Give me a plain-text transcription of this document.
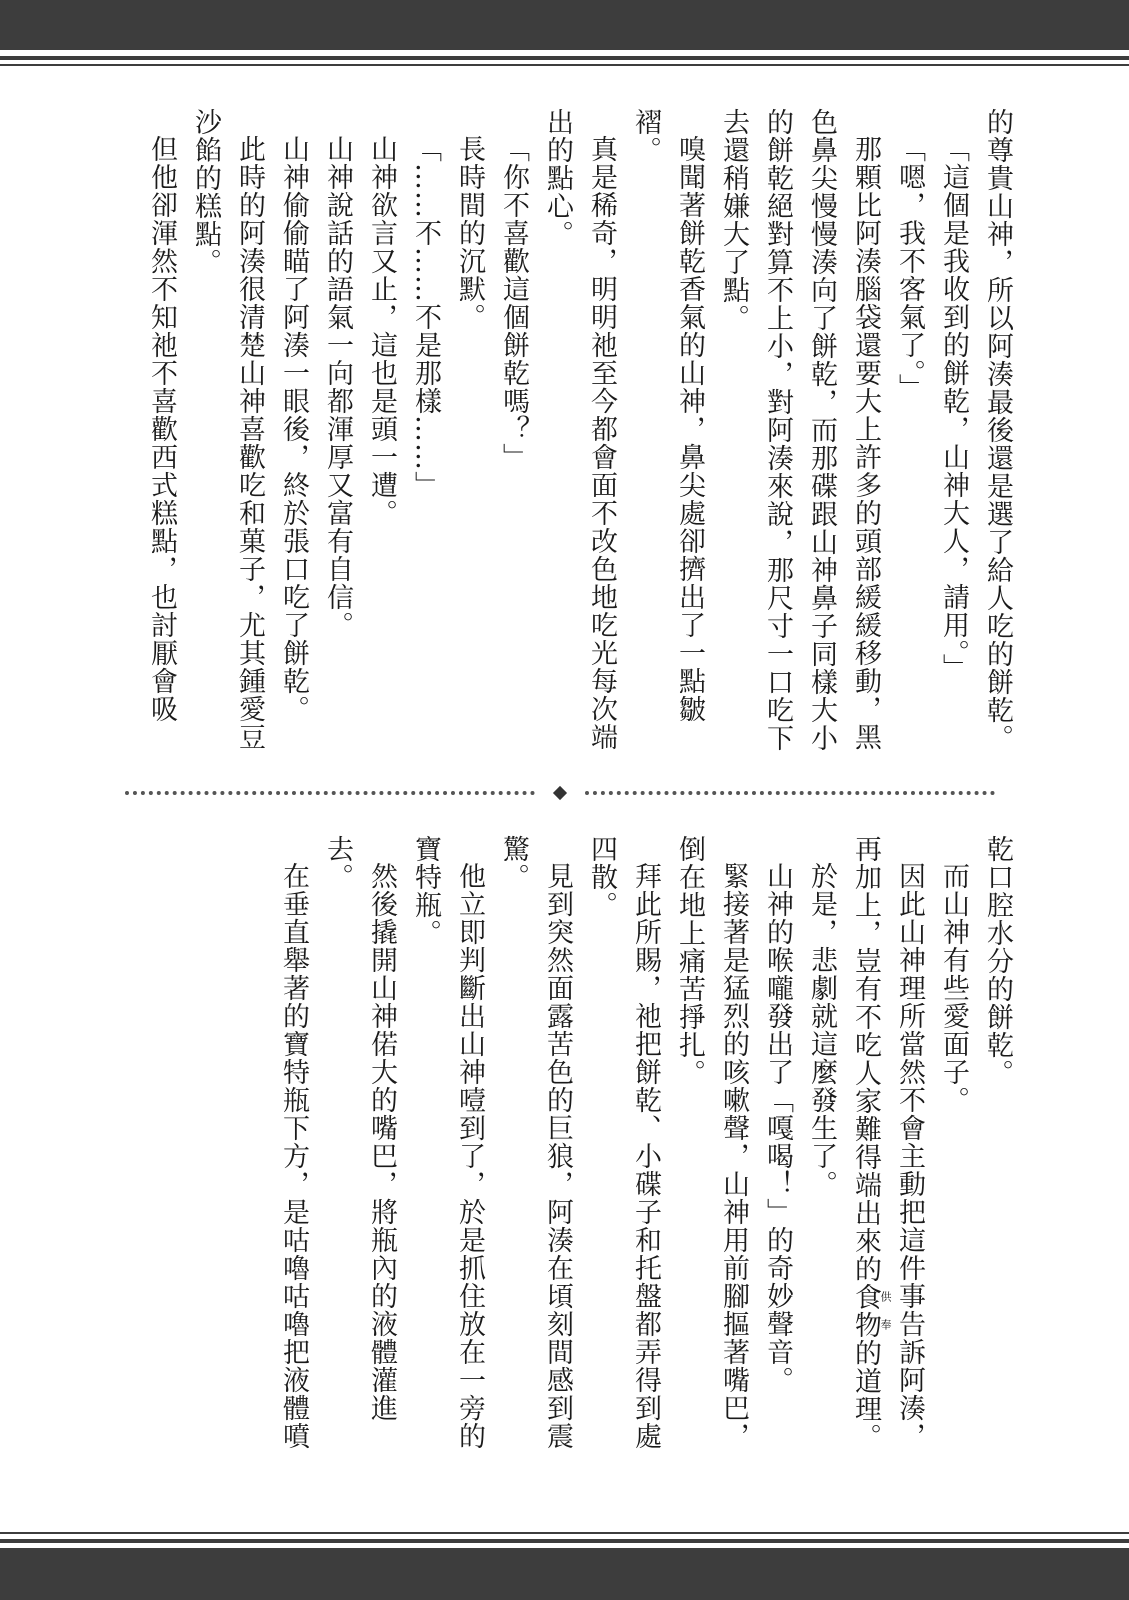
的尊貴山神，所以阿湊最後還是選了給人吃的餅乾。

「這個是我收到的餅乾，山神大人，請用。」

「嗯，我不客氣了。」

那顆比阿湊腦袋還要大上許多的頭部緩緩移動，黑色鼻尖慢慢湊向了餅乾，而那碟跟山神鼻子同樣大小的餅乾絕對算不上小，對阿湊來說，那尺寸一口吃下去還稍嫌大了點。

嗅聞著餅乾香氣的山神，鼻尖處卻擠出了一點皺褶。

真是稀奇，明明祂至今都會面不改色地吃光每次端出的點心。

「你不喜歡這個餅乾嗎？」

長時間的沉默。

「……不……不是那樣……」

山神欲言又止，這也是頭一遭。

山神說話的語氣一向都渾厚又富有自信。

山神偷偷瞄了阿湊一眼後，終於張口吃了餅乾。

此時的阿湊很清楚山神喜歡吃和菓子，尤其鍾愛豆沙餡的糕點。

但他卻渾然不知祂不喜歡西式糕點，也討厭會吸

乾口腔水分的餅乾。

而山神有些愛面子。

因此山神理所當然不會主動把這件事告訴阿湊，再加上，豈有不吃人家難得端出來的食物供奉的道理。

於是，悲劇就這麼發生了。

山神的喉嚨發出了「嘎喝！」的奇妙聲音。

緊接著是猛烈的咳嗽聲，山神用前腳摳著嘴巴，倒在地上痛苦掙扎。

拜此所賜，祂把餅乾、小碟子和托盤都弄得到處四散。

見到突然面露苦色的巨狼，阿湊在頃刻間感到震驚。

他立即判斷出山神噎到了，於是抓住放在一旁的寶特瓶。

然後撬開山神偌大的嘴巴，將瓶內的液體灌進去。

在垂直舉著的寶特瓶下方，是咕嚕咕嚕把液體噴
